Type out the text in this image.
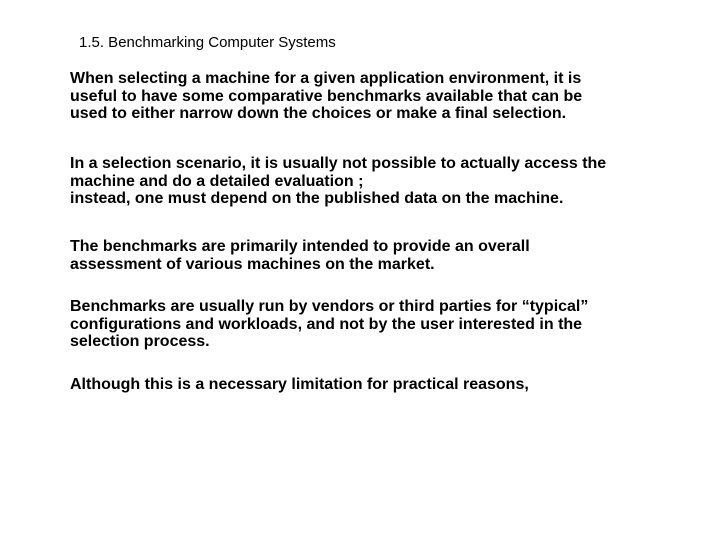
1.5. Benchmarking Computer Systems
When selecting a machine for a given application environment, it is
useful to have some comparative benchmarks available that can be
used to either narrow down the choices or make a final selection.
In a selection scenario, it is usually not possible to actually access the
machine and do a detailed evaluation ;
instead, one must depend on the published data on the machine.
The benchmarks are primarily intended to provide an overall
assessment of various machines on the market.
Benchmarks are usually run by vendors or third parties for “typical”
configurations and workloads, and not by the user interested in the
selection process.
Although this is a necessary limitation for practical reasons,
